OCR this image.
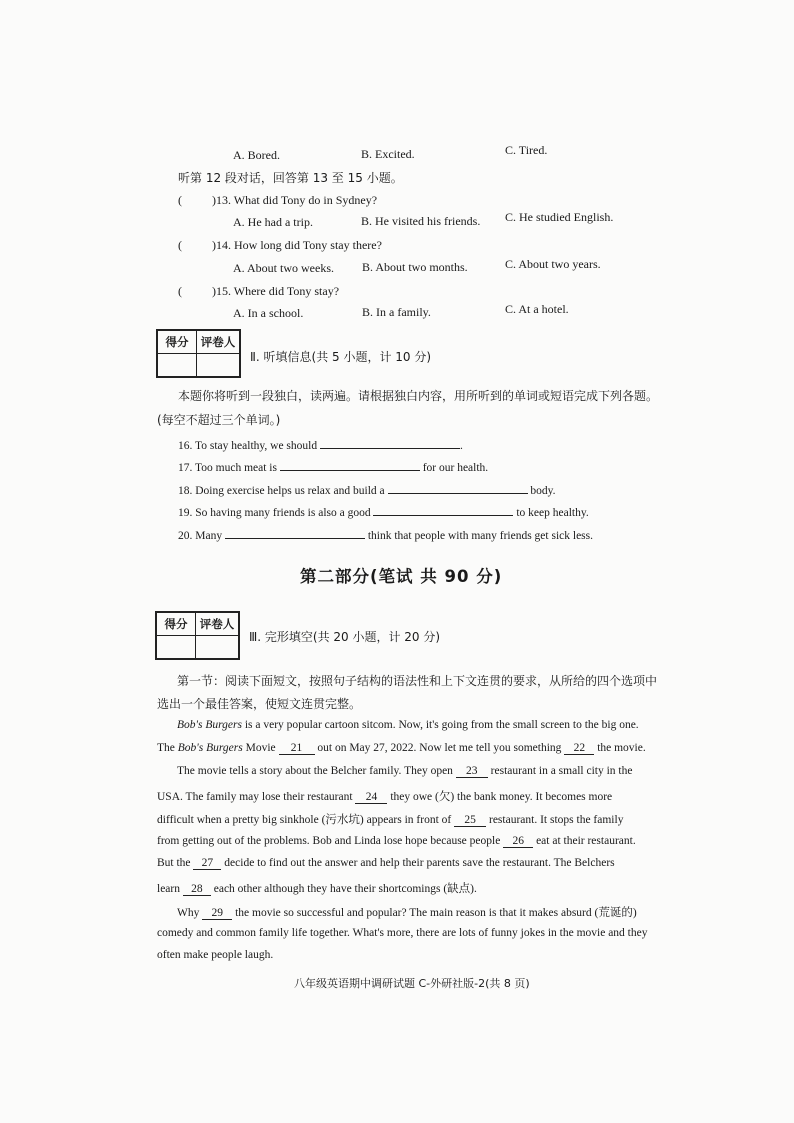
A. Bored.	B. Excited.	C. Tired.
听第 12 段对话，回答第 13 至 15 小题。
(          )13. What did Tony do in Sydney?
A. He had a trip.	B. He visited his friends. C. He studied English.
(          )14. How long did Tony stay there?
A. About two weeks. B. About two months.	C. About two years.
(          )15. Where did Tony stay?
A. In a school.	B. In a family.	C. At a hotel.
得分	评卷人

Ⅱ. 听填信息(共 5 小题，计 10 分)
本题你将听到一段独白，读两遍。请根据独白内容，用所听到的单词或短语完成下列各题。
(每空不超过三个单词。)
16. To stay healthy, we should	.
17. Too much meat is	for our health.
18. Doing exercise helps us relax and build a	body.
19. So having many friends is also a good	to keep healthy.
20. Many	think that people with many friends get sick less.
第二部分(笔试 共 90 分)
得分	评卷人

Ⅲ. 完形填空(共 20 小题，计 20 分)
第一节：阅读下面短文，按照句子结构的语法性和上下文连贯的要求，从所给的四个选项中
选出一个最佳答案，使短文连贯完整。
Bob's Burgers is a very popular cartoon sitcom. Now, it's going from the small screen to the big one.
The Bob's Burgers Movie 21 out on May 27, 2022. Now let me tell you something 22 the movie.
The movie tells a story about the Belcher family. They open 23 restaurant in a small city in the
USA. The family may lose their restaurant 24 they owe (欠) the bank money. It becomes more
difficult when a pretty big sinkhole (污水坑) appears in front of 25 restaurant. It stops the family
from getting out of the problems. Bob and Linda lose hope because people 26 eat at their restaurant.
But the 27 decide to find out the answer and help their parents save the restaurant. The Belchers
learn 28 each other although they have their shortcomings (缺点).
Why 29 the movie so successful and popular? The main reason is that it makes absurd (荒诞的)
comedy and common family life together. What's more, there are lots of funny jokes in the movie and they
often make people laugh.
八年级英语期中调研试题 C-外研社版-2(共 8 页)
